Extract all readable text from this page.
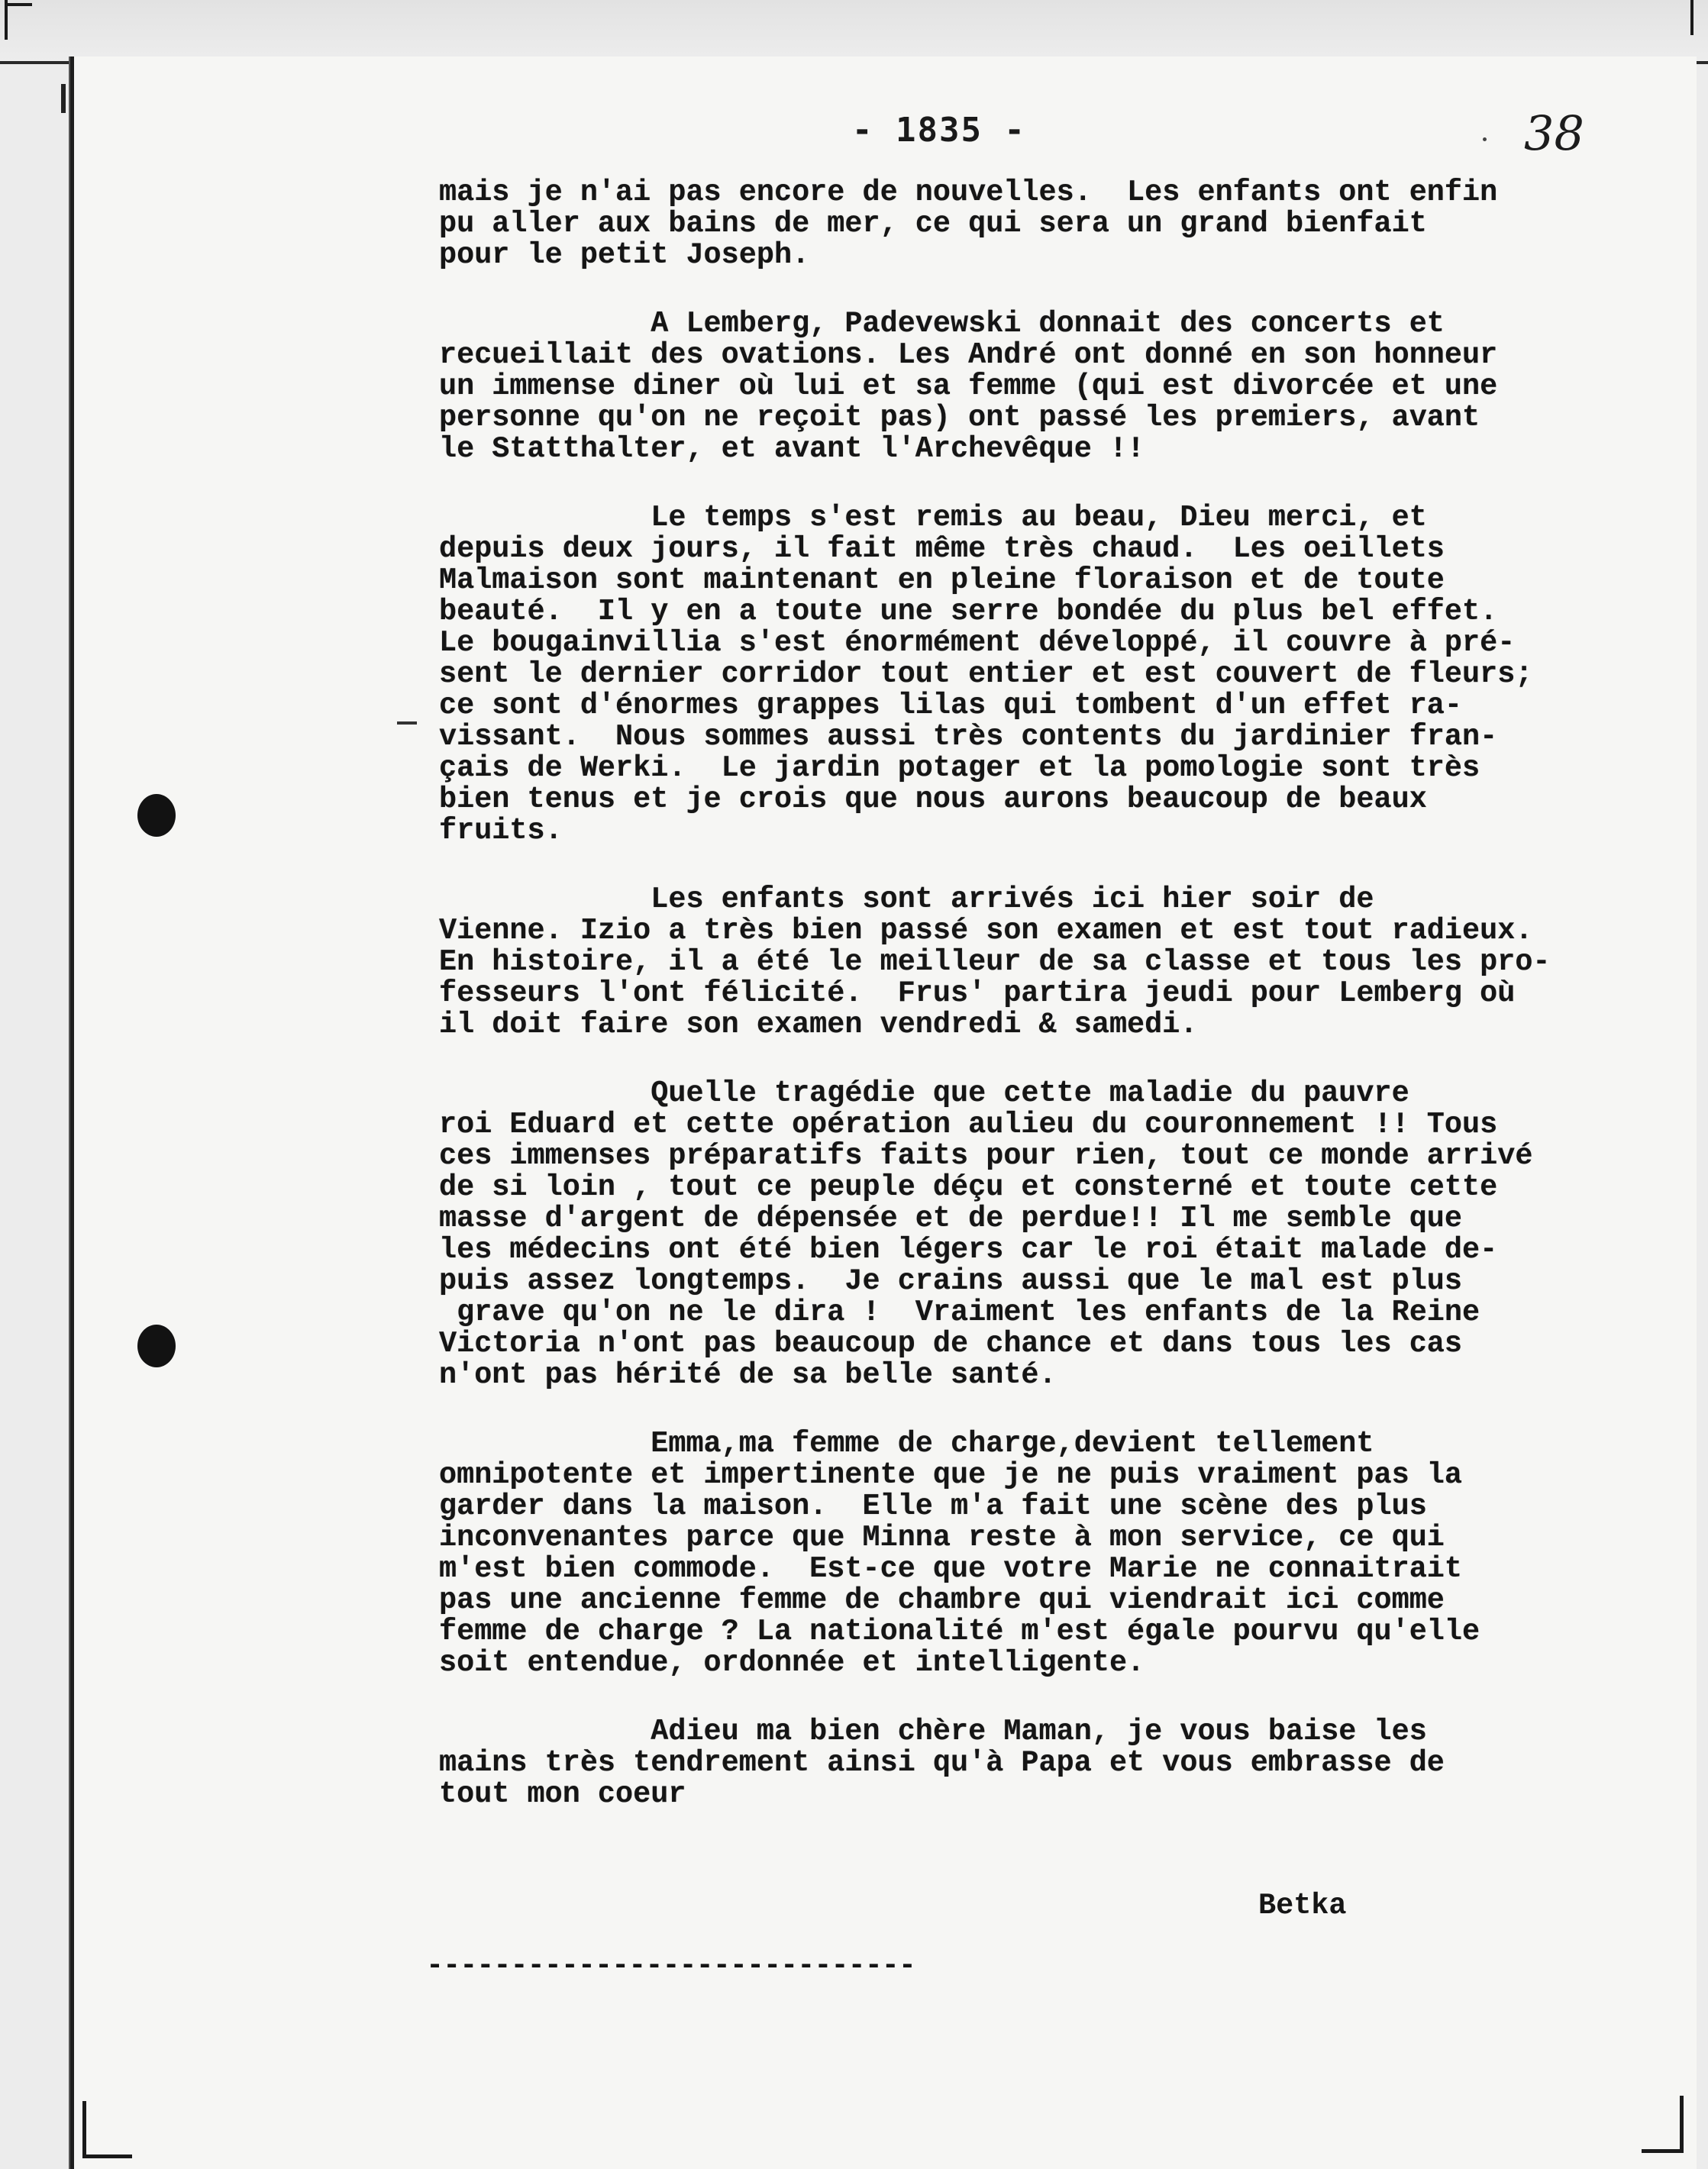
- 1835 -	38
mais je n'ai pas encore de nouvelles.  Les enfants ont enfin
pu aller aux bains de mer, ce qui sera un grand bienfait
pour le petit Joseph.
A Lemberg, Padevewski donnait des concerts et
recueillait des ovations. Les André ont donné en son honneur
un immense diner où lui et sa femme (qui est divorcée et une
personne qu'on ne reçoit pas) ont passé les premiers, avant
le Statthalter, et avant l'Archevêque !!
Le temps s'est remis au beau, Dieu merci, et
depuis deux jours, il fait même très chaud.  Les oeillets
Malmaison sont maintenant en pleine floraison et de toute
beauté.  Il y en a toute une serre bondée du plus bel effet.
Le bougainvillia s'est énormément développé, il couvre à pré-
sent le dernier corridor tout entier et est couvert de fleurs;
ce sont d'énormes grappes lilas qui tombent d'un effet ra-
vissant.  Nous sommes aussi très contents du jardinier fran-
çais de Werki.  Le jardin potager et la pomologie sont très
bien tenus et je crois que nous aurons beaucoup de beaux
fruits.
Les enfants sont arrivés ici hier soir de
Vienne. Izio a très bien passé son examen et est tout radieux.
En histoire, il a été le meilleur de sa classe et tous les pro-
fesseurs l'ont félicité.  Frus' partira jeudi pour Lemberg où
il doit faire son examen vendredi & samedi.
Quelle tragédie que cette maladie du pauvre
roi Eduard et cette opération aulieu du couronnement !! Tous
ces immenses préparatifs faits pour rien, tout ce monde arrivé
de si loin , tout ce peuple déçu et consterné et toute cette
masse d'argent de dépensée et de perdue!! Il me semble que
les médecins ont été bien légers car le roi était malade de-
puis assez longtemps.  Je crains aussi que le mal est plus
grave qu'on ne le dira !  Vraiment les enfants de la Reine
Victoria n'ont pas beaucoup de chance et dans tous les cas
n'ont pas hérité de sa belle santé.
Emma,ma femme de charge,devient tellement
omnipotente et impertinente que je ne puis vraiment pas la
garder dans la maison.  Elle m'a fait une scène des plus
inconvenantes parce que Minna reste à mon service, ce qui
m'est bien commode.  Est-ce que votre Marie ne connaitrait
pas une ancienne femme de chambre qui viendrait ici comme
femme de charge ? La nationalité m'est égale pourvu qu'elle
soit entendue, ordonnée et intelligente.
Adieu ma bien chère Maman, je vous baise les
mains très tendrement ainsi qu'à Papa et vous embrasse de
tout mon coeur
Betka
-----------------------------
